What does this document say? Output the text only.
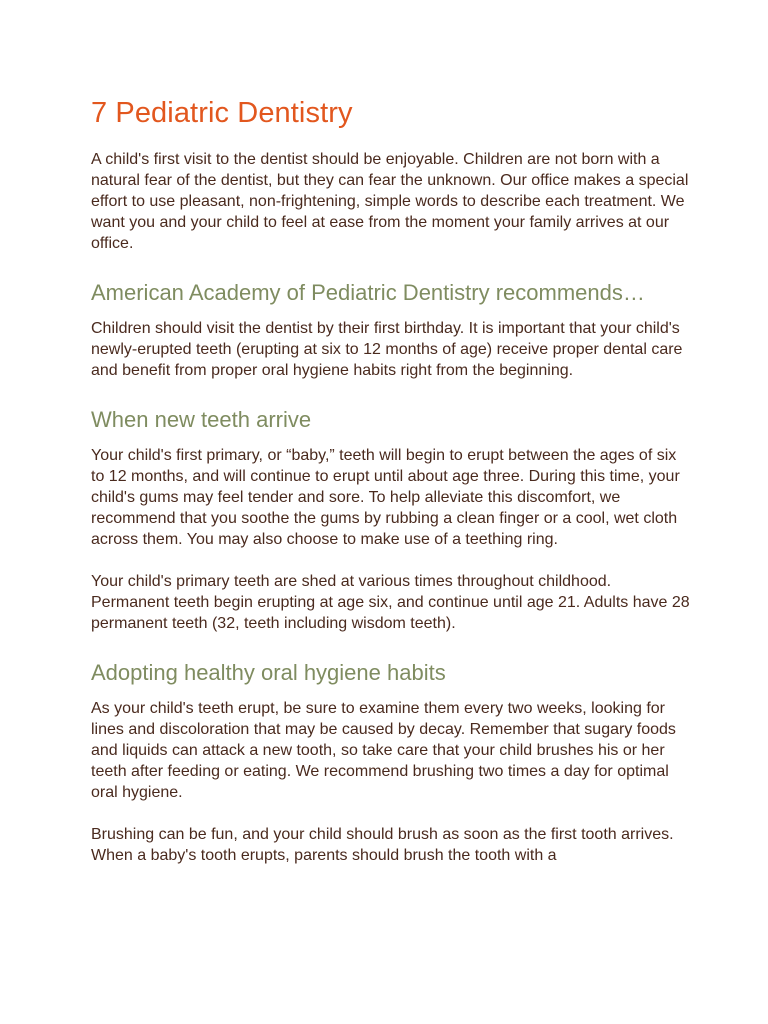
7 Pediatric Dentistry

A child's first visit to the dentist should be enjoyable. Children are not born with a natural fear of the dentist, but they can fear the unknown. Our office makes a special effort to use pleasant, non-frightening, simple words to describe each treatment. We want you and your child to feel at ease from the moment your family arrives at our office.

American Academy of Pediatric Dentistry recommends…

Children should visit the dentist by their first birthday. It is important that your child's newly-erupted teeth (erupting at six to 12 months of age) receive proper dental care and benefit from proper oral hygiene habits right from the beginning.

When new teeth arrive

Your child's first primary, or “baby,” teeth will begin to erupt between the ages of six to 12 months, and will continue to erupt until about age three. During this time, your child's gums may feel tender and sore. To help alleviate this discomfort, we recommend that you soothe the gums by rubbing a clean finger or a cool, wet cloth across them. You may also choose to make use of a teething ring.

Your child's primary teeth are shed at various times throughout childhood. Permanent teeth begin erupting at age six, and continue until age 21. Adults have 28 permanent teeth (32, teeth including wisdom teeth).

Adopting healthy oral hygiene habits

As your child's teeth erupt, be sure to examine them every two weeks, looking for lines and discoloration that may be caused by decay. Remember that sugary foods and liquids can attack a new tooth, so take care that your child brushes his or her teeth after feeding or eating. We recommend brushing two times a day for optimal oral hygiene.

Brushing can be fun, and your child should brush as soon as the first tooth arrives. When a baby's tooth erupts, parents should brush the tooth with a
